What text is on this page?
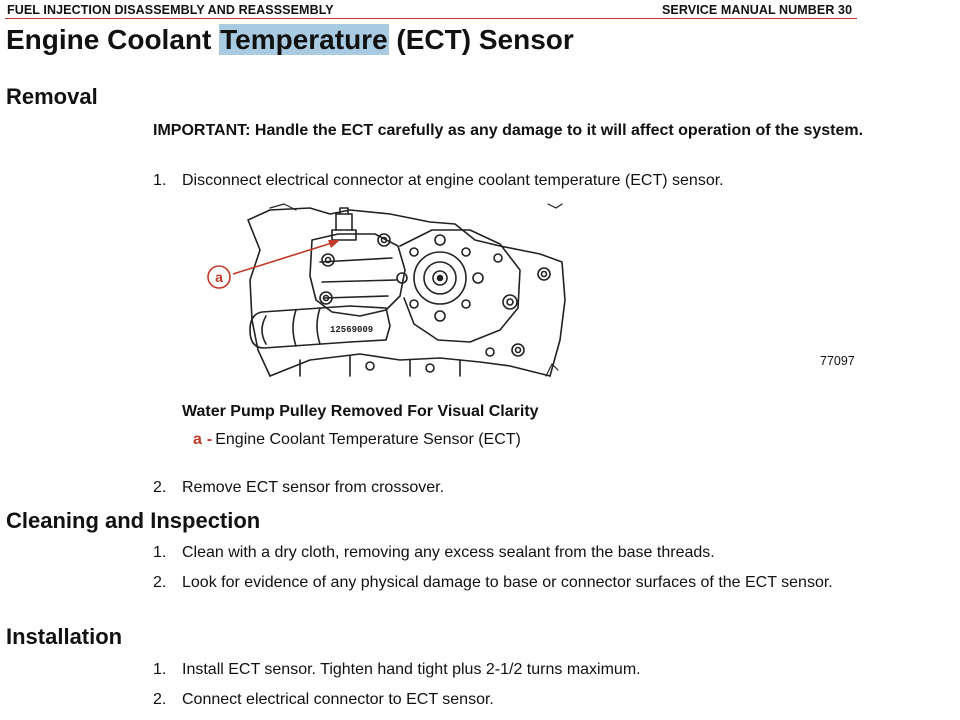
FUEL INJECTION DISASSEMBLY AND REASSSEMBLY	SERVICE MANUAL NUMBER 30
Engine Coolant Temperature (ECT) Sensor
Removal
IMPORTANT: Handle the ECT carefully as any damage to it will affect operation of the system.
1. Disconnect electrical connector at engine coolant temperature (ECT) sensor.
a
12569009
77097
Water Pump Pulley Removed For Visual Clarity
a - Engine Coolant Temperature Sensor (ECT)
2. Remove ECT sensor from crossover.
Cleaning and Inspection
1. Clean with a dry cloth, removing any excess sealant from the base threads.
2. Look for evidence of any physical damage to base or connector surfaces of the ECT sensor.
Installation
1. Install ECT sensor. Tighten hand tight plus 2-1/2 turns maximum.
2. Connect electrical connector to ECT sensor.
